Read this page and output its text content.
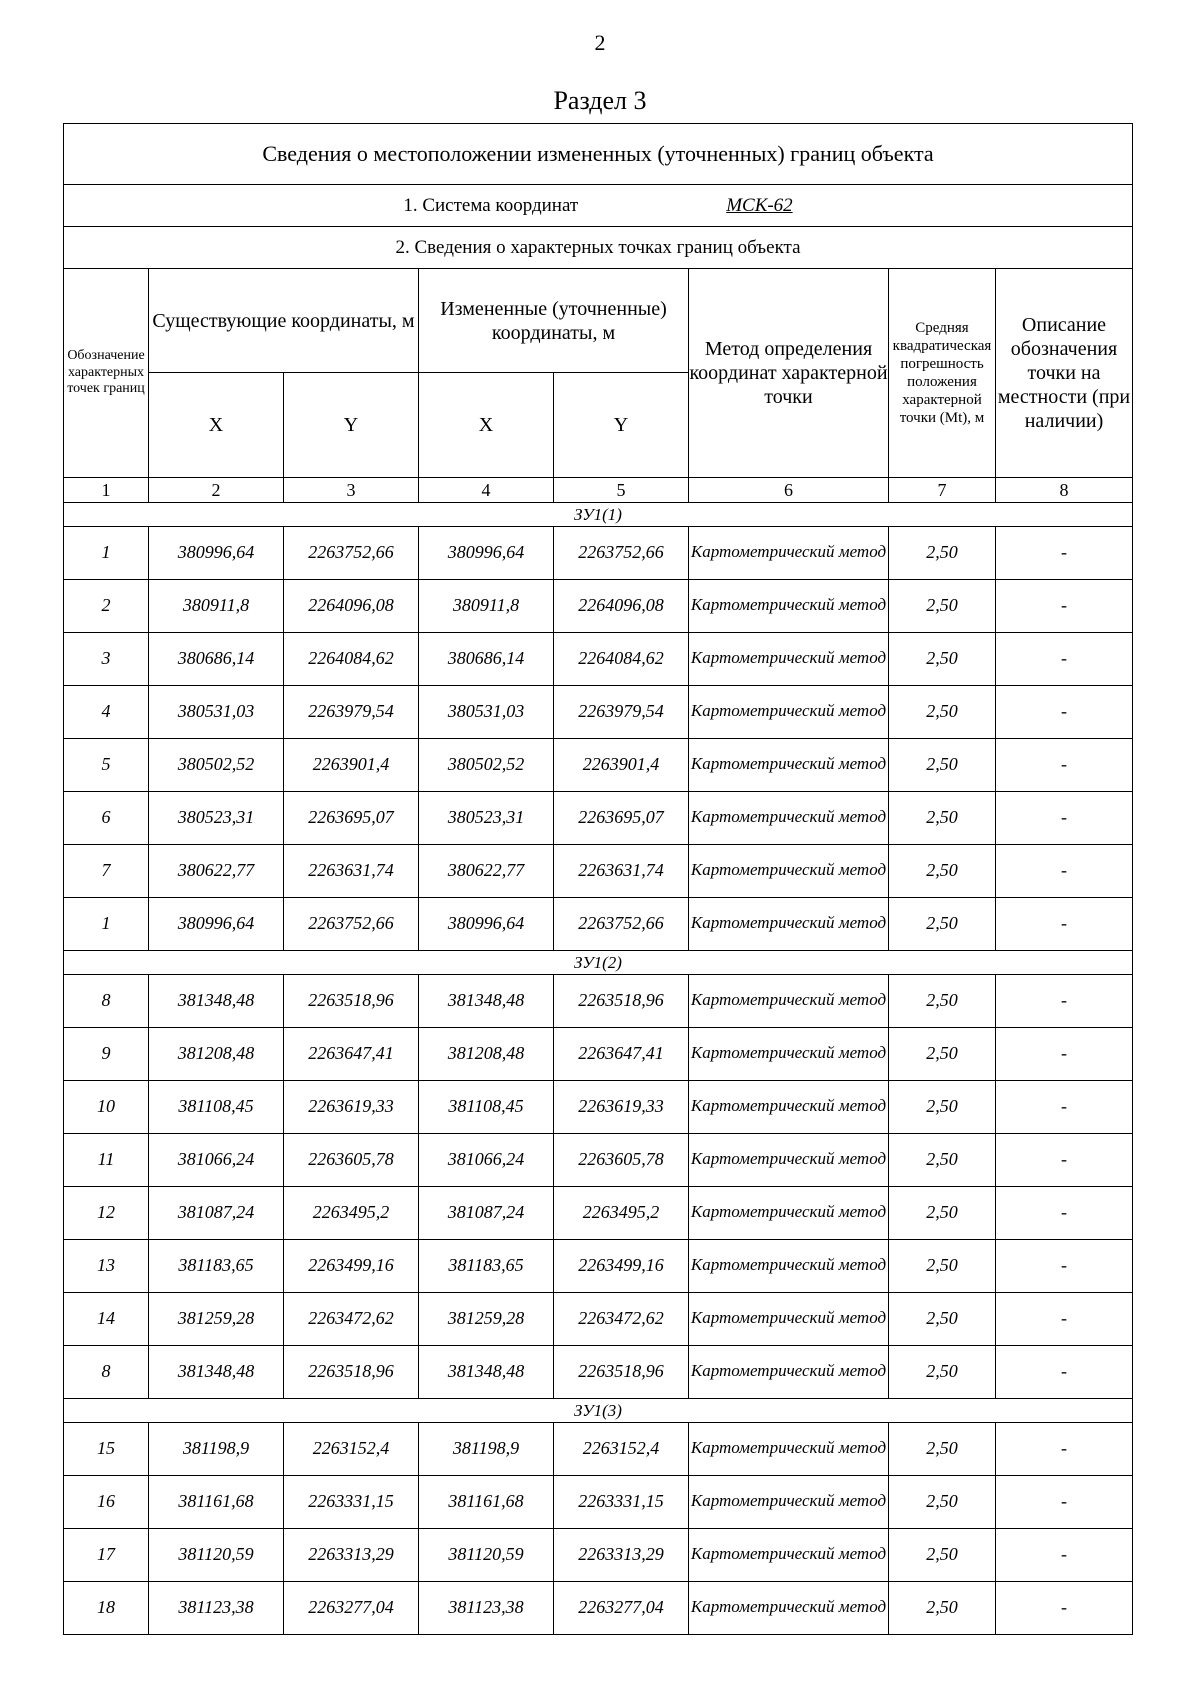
2
Раздел 3
Сведения о местоположении измененных (уточненных) границ объекта							
1. Система координат МСК-62							
2. Сведения о характерных точках границ объекта							
Обозначение характерных точек границ	Существующие координаты, м		Измененные (уточненные) координаты, м		Метод определения координат характерной точки	Средняя квадратическая погрешность положения характерной точки (Mt), м	Описание обозначения точки на местности (при наличии)
	X	Y	X	Y			
1	2	3	4	5	6	7	8
ЗУ1(1)							
1	380996,64	2263752,66	380996,64	2263752,66	Картометрический метод	2,50	-
2	380911,8	2264096,08	380911,8	2264096,08	Картометрический метод	2,50	-
3	380686,14	2264084,62	380686,14	2264084,62	Картометрический метод	2,50	-
4	380531,03	2263979,54	380531,03	2263979,54	Картометрический метод	2,50	-
5	380502,52	2263901,4	380502,52	2263901,4	Картометрический метод	2,50	-
6	380523,31	2263695,07	380523,31	2263695,07	Картометрический метод	2,50	-
7	380622,77	2263631,74	380622,77	2263631,74	Картометрический метод	2,50	-
1	380996,64	2263752,66	380996,64	2263752,66	Картометрический метод	2,50	-
ЗУ1(2)							
8	381348,48	2263518,96	381348,48	2263518,96	Картометрический метод	2,50	-
9	381208,48	2263647,41	381208,48	2263647,41	Картометрический метод	2,50	-
10	381108,45	2263619,33	381108,45	2263619,33	Картометрический метод	2,50	-
11	381066,24	2263605,78	381066,24	2263605,78	Картометрический метод	2,50	-
12	381087,24	2263495,2	381087,24	2263495,2	Картометрический метод	2,50	-
13	381183,65	2263499,16	381183,65	2263499,16	Картометрический метод	2,50	-
14	381259,28	2263472,62	381259,28	2263472,62	Картометрический метод	2,50	-
8	381348,48	2263518,96	381348,48	2263518,96	Картометрический метод	2,50	-
ЗУ1(3)							
15	381198,9	2263152,4	381198,9	2263152,4	Картометрический метод	2,50	-
16	381161,68	2263331,15	381161,68	2263331,15	Картометрический метод	2,50	-
17	381120,59	2263313,29	381120,59	2263313,29	Картометрический метод	2,50	-
18	381123,38	2263277,04	381123,38	2263277,04	Картометрический метод	2,50	-
